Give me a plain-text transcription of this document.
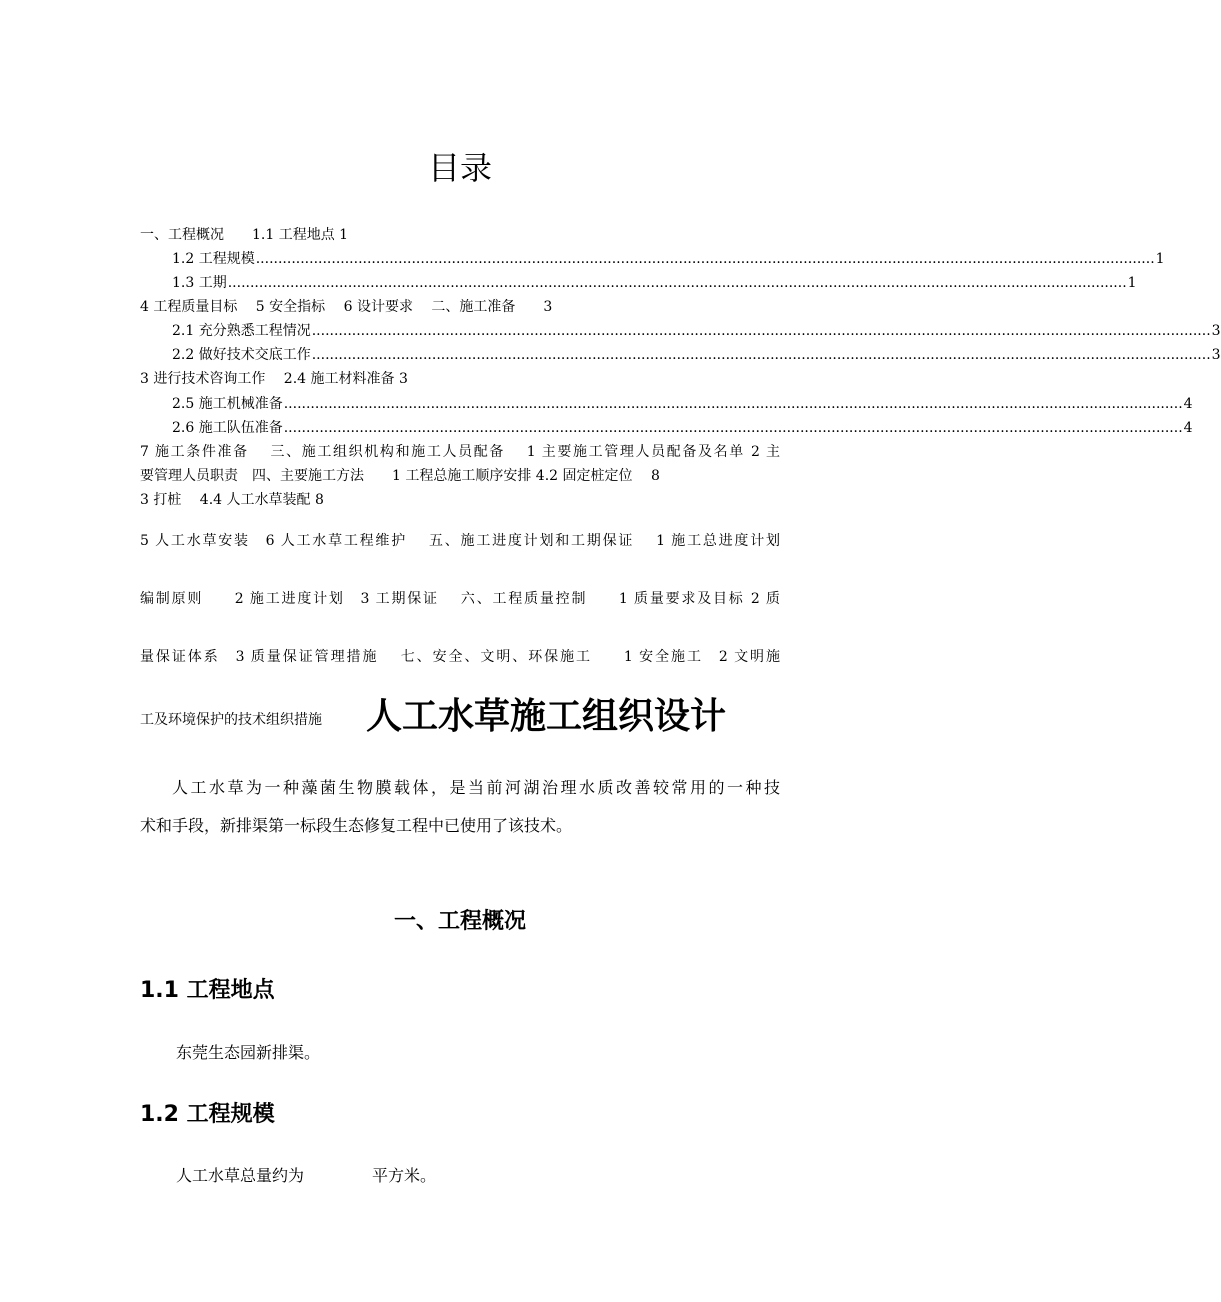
目录
一、工程概况　　1.1 工程地点 1
1.2 工程规模 .......................................................................................................................................................................................................... 1
1.3 工期 .......................................................................................................................................................................................................... 1
4 工程质量目标　 5 安全指标　 6 设计要求　 二、施工准备　　3
2.1 充分熟悉工程情况 .......................................................................................................................................................................................................... 3
2.2 做好技术交底工作 .......................................................................................................................................................................................................... 3
3 进行技术咨询工作　 2.4 施工材料准备 3
2.5 施工机械准备 .......................................................................................................................................................................................................... 4
2.6 施工队伍准备 .......................................................................................................................................................................................................... 4
7 施工条件准备　 三、施工组织机构和施工人员配备　 1 主要施工管理人员配备及名单 2 主
要管理人员职责　四、主要施工方法　　1 工程总施工顺序安排 4.2 固定桩定位　 8
3 打桩　 4.4 人工水草装配 8
5 人工水草安装　6 人工水草工程维护　 五、施工进度计划和工期保证　 1 施工总进度计划
编制原则　　2 施工进度计划　3 工期保证　 六、工程质量控制　　1 质量要求及目标 2 质
量保证体系　3 质量保证管理措施　 七、安全、文明、环保施工　　1 安全施工　2 文明施
工及环境保护的技术组织措施 人工水草施工组织设计
人工水草为一种藻菌生物膜载体，是当前河湖治理水质改善较常用的一种技
术和手段，新排渠第一标段生态修复工程中已使用了该技术。
一、工程概况
1.1 工程地点
东莞生态园新排渠。
1.2 工程规模
人工水草总量约为	平方米。
